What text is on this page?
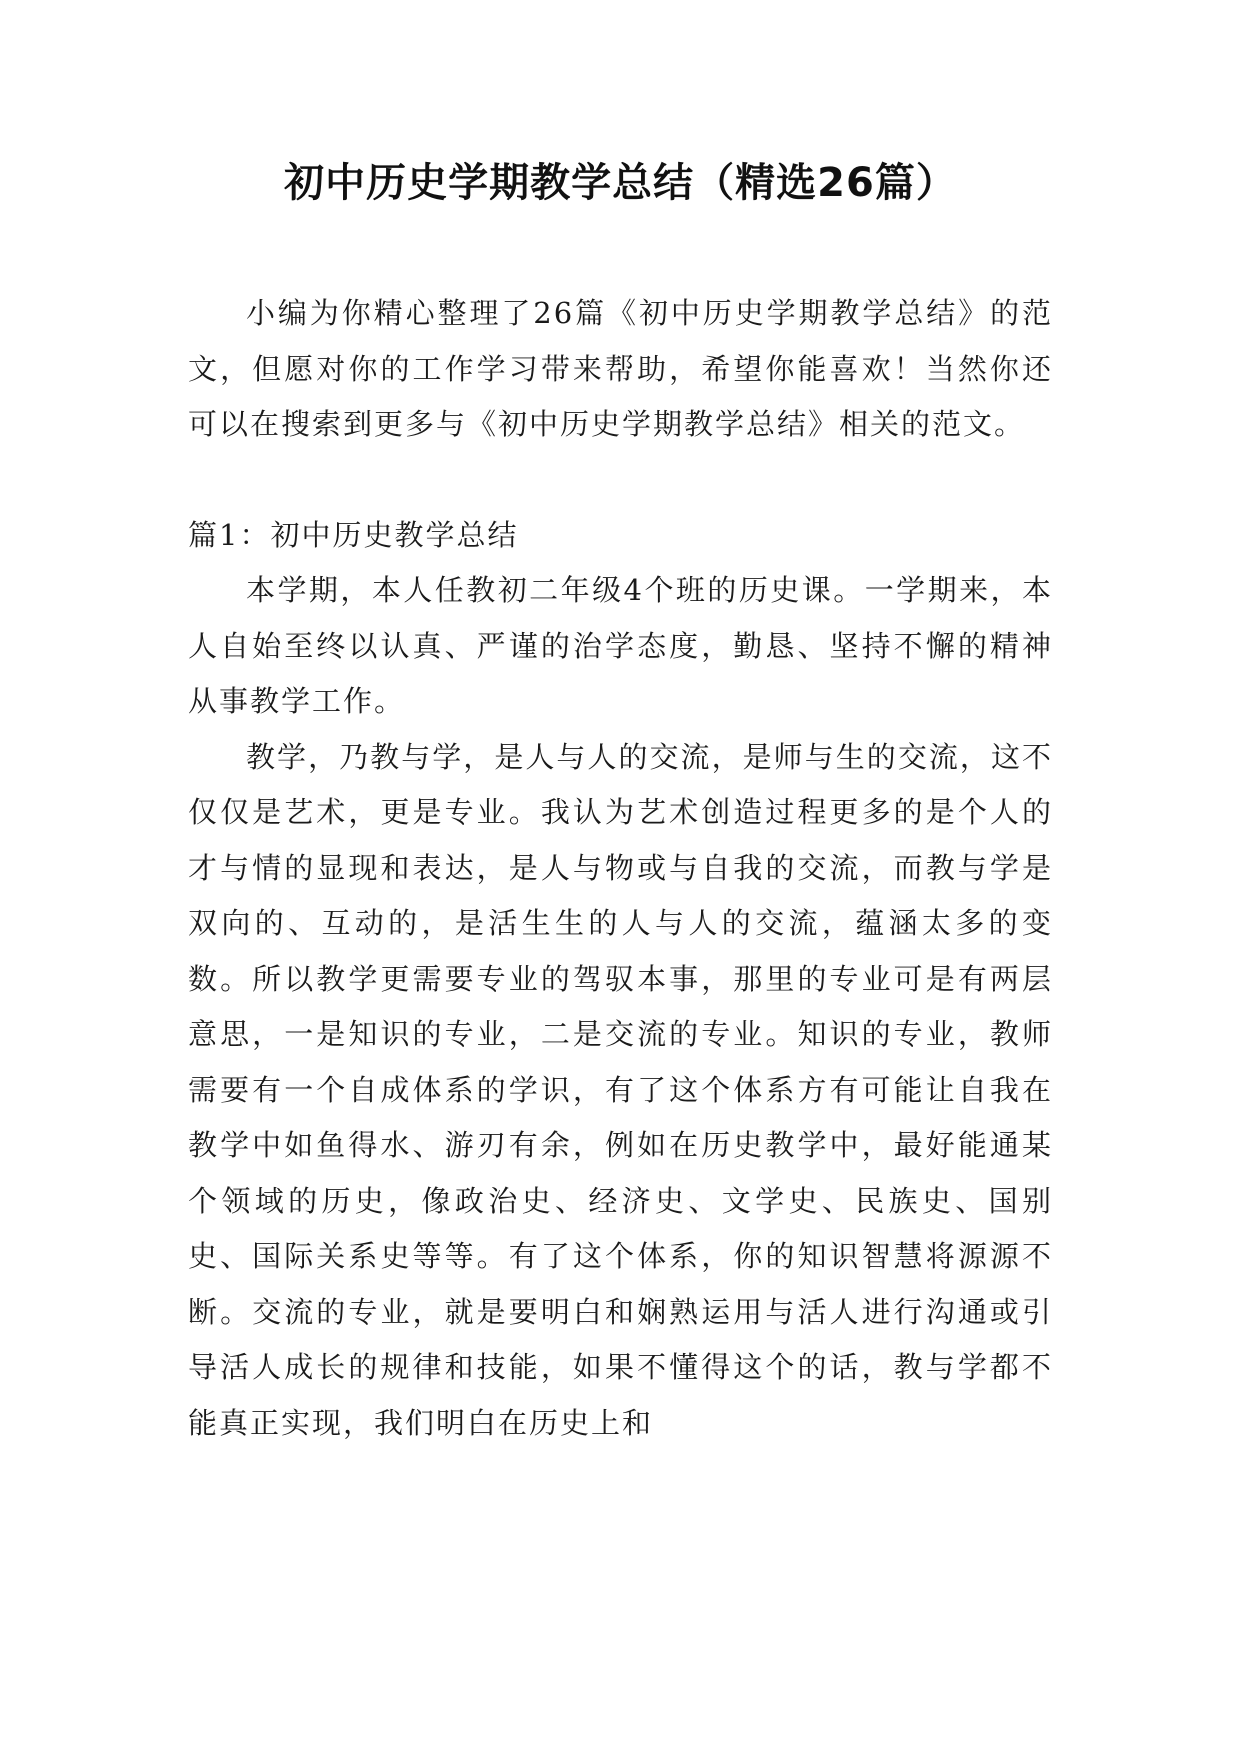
初中历史学期教学总结（精选26篇）

小编为你精心整理了26篇《初中历史学期教学总结》的范文，但愿对你的工作学习带来帮助，希望你能喜欢！当然你还可以在搜索到更多与《初中历史学期教学总结》相关的范文。

篇1：初中历史教学总结

本学期，本人任教初二年级4个班的历史课。一学期来，本人自始至终以认真、严谨的治学态度，勤恳、坚持不懈的精神从事教学工作。

教学，乃教与学，是人与人的交流，是师与生的交流，这不仅仅是艺术，更是专业。我认为艺术创造过程更多的是个人的才与情的显现和表达，是人与物或与自我的交流，而教与学是双向的、互动的，是活生生的人与人的交流，蕴涵太多的变数。所以教学更需要专业的驾驭本事，那里的专业可是有两层意思，一是知识的专业，二是交流的专业。知识的专业，教师需要有一个自成体系的学识，有了这个体系方有可能让自我在教学中如鱼得水、游刃有余，例如在历史教学中，最好能通某个领域的历史，像政治史、经济史、文学史、民族史、国别史、国际关系史等等。有了这个体系，你的知识智慧将源源不断。交流的专业，就是要明白和娴熟运用与活人进行沟通或引导活人成长的规律和技能，如果不懂得这个的话，教与学都不能真正实现，我们明白在历史上和
